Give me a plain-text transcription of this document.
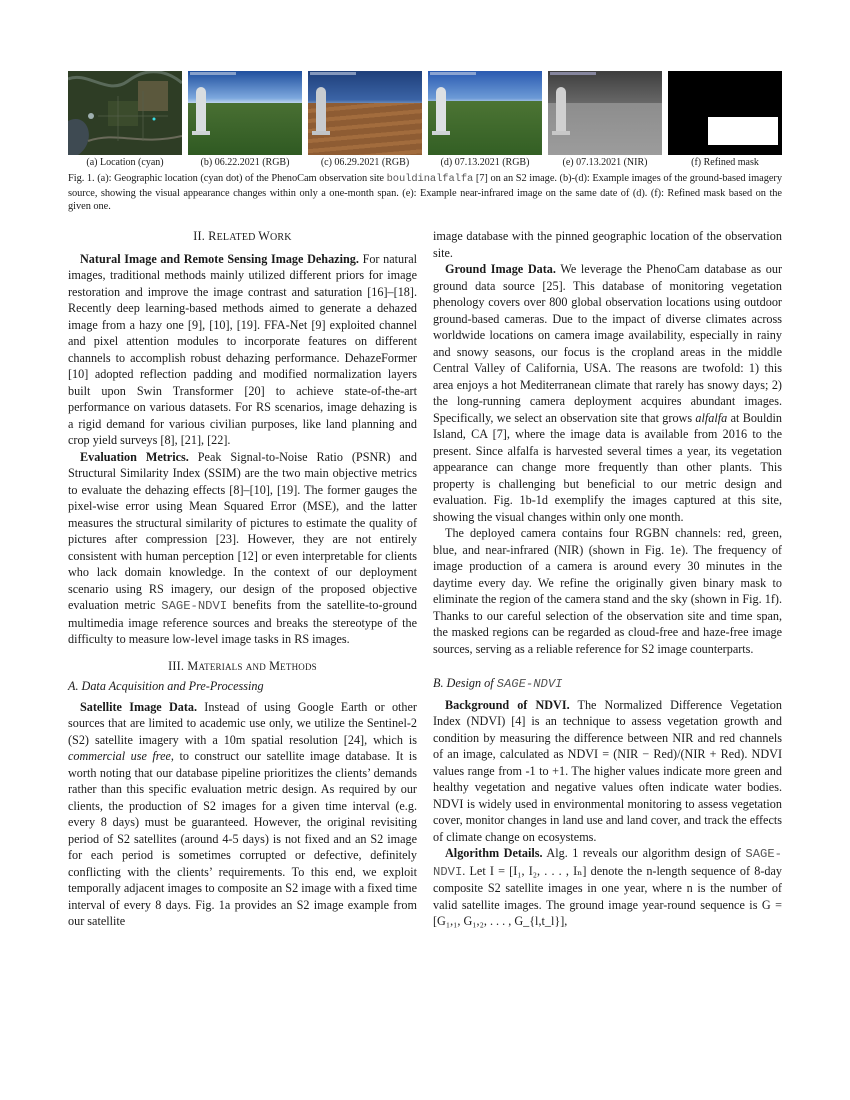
(a) Location (cyan)	(b) 06.22.2021 (RGB)	(c) 06.29.2021 (RGB)	(d) 07.13.2021 (RGB)	(e) 07.13.2021 (NIR)	(f) Refined mask
Fig. 1. (a): Geographic location (cyan dot) of the PhenoCam observation site bouldinalfalfa [7] on an S2 image. (b)-(d): Example images of the ground-based imagery source, showing the visual appearance changes within only a one-month span. (e): Example near-infrared image on the same date of (d). (f): Refined mask based on the given one.
II. RELATED WORK

Natural Image and Remote Sensing Image Dehazing. For natural images, traditional methods mainly utilized different priors for image restoration and improve the image contrast and saturation [16]–[18]. Recently deep learning-based methods aimed to generate a dehazed image from a hazy one [9], [10], [19]. FFA-Net [9] exploited channel and pixel attention modules to incorporate features on different channels to accomplish robust dehazing performance. DehazeFormer [10] adopted reflection padding and modified normalization layers built upon Swin Transformer [20] to achieve state-of-the-art performance on various datasets. For RS scenarios, image dehazing is a rigid demand for various civilian purposes, like land planning and crop yield surveys [8], [21], [22].

Evaluation Metrics. Peak Signal-to-Noise Ratio (PSNR) and Structural Similarity Index (SSIM) are the two main objective metrics to evaluate the dehazing effects [8]–[10], [19]. The former gauges the pixel-wise error using Mean Squared Error (MSE), and the latter measures the structural similarity of pictures to estimate the quality of pictures after compression [23]. However, they are not entirely consistent with human perception [12] or even interpretable for clients who lack domain knowledge. In the context of our deployment scenario using RS imagery, our design of the proposed objective evaluation metric SAGE-NDVI benefits from the satellite-to-ground multimedia image reference sources and breaks the stereotype of the difficulty to measure low-level image tasks in RS images.

III. Materials and Methods
A. Data Acquisition and Pre-Processing

Satellite Image Data. Instead of using Google Earth or other sources that are limited to academic use only, we utilize the Sentinel-2 (S2) satellite imagery with a 10m spatial resolution [24], which is commercial use free, to construct our satellite image database. It is worth noting that our database pipeline prioritizes the clients’ demands rather than this specific evaluation metric design. As required by our clients, the production of S2 images for a given time interval (e.g. every 8 days) must be guaranteed. However, the original revisiting period of S2 satellites (around 4-5 days) is not fixed and an S2 image for each period is sometimes corrupted or defective, definitely conflicting with the clients’ requirements. To this end, we exploit temporally adjacent images to composite an S2 image with a fixed time interval of every 8 days. Fig. 1a provides an S2 image example from our satellite

image database with the pinned geographic location of the observation site.

Ground Image Data. We leverage the PhenoCam database as our ground data source [25]. This database of monitoring vegetation phenology covers over 800 global observation locations using outdoor ground-based cameras. Due to the impact of diverse climates across worldwide locations on camera image availability, especially in rainy and snowy seasons, our focus is the cropland areas in the middle Central Valley of California, USA. The reasons are twofold: 1) this area enjoys a hot Mediterranean climate that rarely has snowy days; 2) the long-running camera deployment acquires abundant images. Specifically, we select an observation site that grows alfalfa at Bouldin Island, CA [7], where the image data is available from 2016 to the present. Since alfalfa is harvested several times a year, its vegetation appearance can change more frequently than other plants. This property is challenging but beneficial to our metric design and evaluation. Fig. 1b-1d exemplify the images captured at this site, showing the visual changes within only one month.

The deployed camera contains four RGBN channels: red, green, blue, and near-infrared (NIR) (shown in Fig. 1e). The frequency of image production of a camera is around every 30 minutes in the daytime every day. We refine the originally given binary mask to eliminate the region of the camera stand and the sky (shown in Fig. 1f). Thanks to our careful selection of the observation site and time span, the masked regions can be regarded as cloud-free and haze-free image sources, serving as a reliable reference for S2 image counterparts.

B. Design of SAGE-NDVI

Background of NDVI. The Normalized Difference Vegetation Index (NDVI) [4] is an technique to assess vegetation growth and condition by measuring the difference between NIR and red channels of an image, calculated as NDVI = (NIR − Red)/(NIR + Red). NDVI values range from -1 to +1. The higher values indicate more green and healthy vegetation and negative values often indicate water bodies. NDVI is widely used in environmental monitoring to assess vegetation cover, monitor changes in land use and land cover, and track the effects of climate change on ecosystems.

Algorithm Details. Alg. 1 reveals our algorithm design of SAGE-NDVI. Let I = [I₁, I₂, . . . , Iₙ] denote the n-length sequence of 8-day composite S2 satellite images in one year, where n is the number of valid satellite images. The ground image year-round sequence is G = [G₁,₁, G₁,₂, . . . , G_{l,t_l}],
